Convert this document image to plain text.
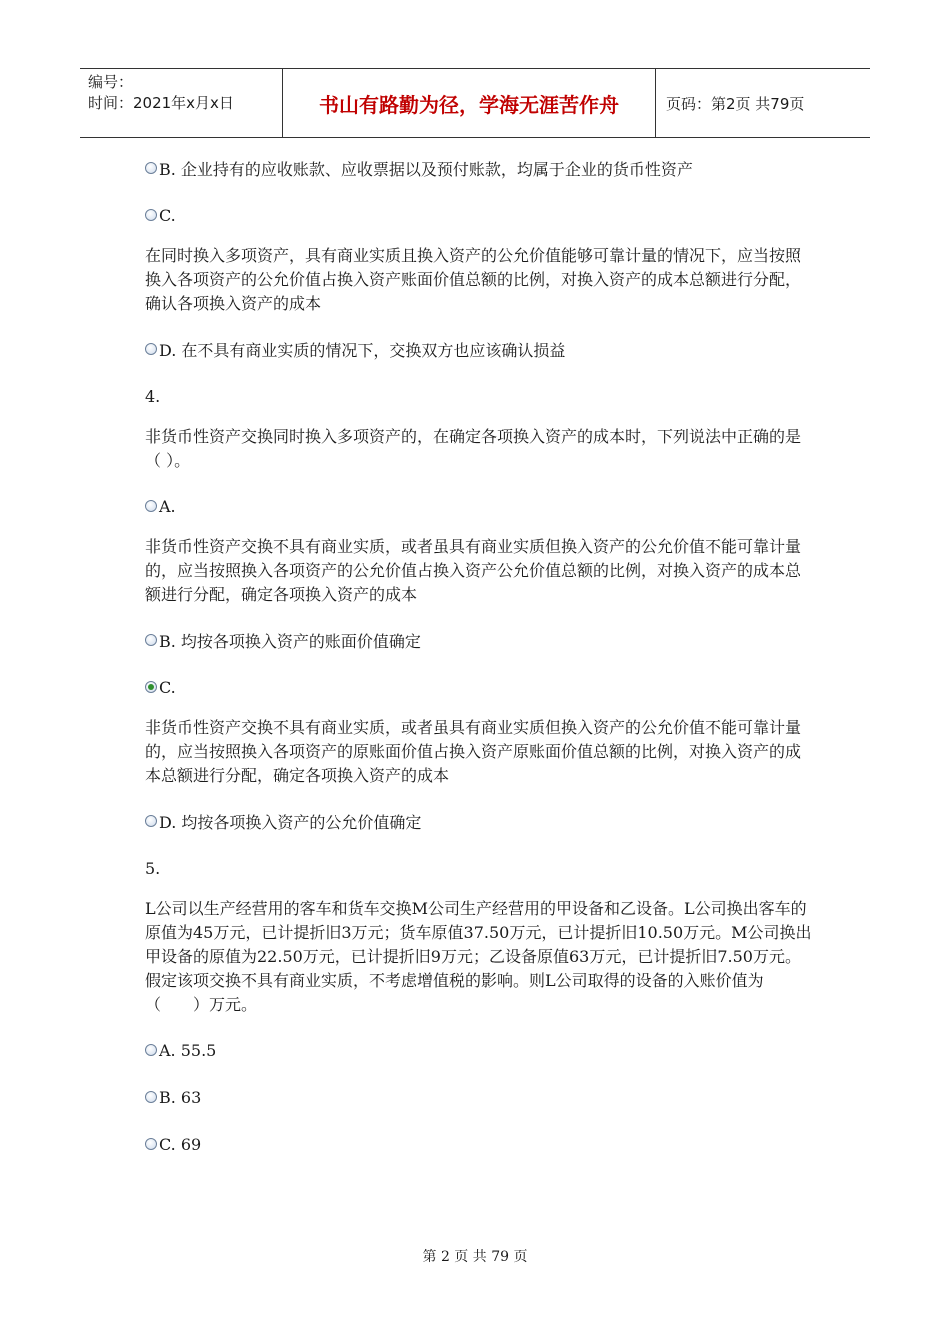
编号：
时间：2021年x月x日	书山有路勤为径，学海无涯苦作舟	页码：第2页 共79页
B. 企业持有的应收账款、应收票据以及预付账款，均属于企业的货币性资产
C.
在同时换入多项资产，具有商业实质且换入资产的公允价值能够可靠计量的情况下，应当按照换入各项资产的公允价值占换入资产账面价值总额的比例，对换入资产的成本总额进行分配，确认各项换入资产的成本
D. 在不具有商业实质的情况下，交换双方也应该确认损益
4.
非货币性资产交换同时换入多项资产的，在确定各项换入资产的成本时，下列说法中正确的是（ ）。
A.
非货币性资产交换不具有商业实质，或者虽具有商业实质但换入资产的公允价值不能可靠计量的，应当按照换入各项资产的公允价值占换入资产公允价值总额的比例，对换入资产的成本总额进行分配，确定各项换入资产的成本
B. 均按各项换入资产的账面价值确定
C.
非货币性资产交换不具有商业实质，或者虽具有商业实质但换入资产的公允价值不能可靠计量的，应当按照换入各项资产的原账面价值占换入资产原账面价值总额的比例，对换入资产的成本总额进行分配，确定各项换入资产的成本
D. 均按各项换入资产的公允价值确定
5.
L公司以生产经营用的客车和货车交换M公司生产经营用的甲设备和乙设备。L公司换出客车的原值为45万元，已计提折旧3万元；货车原值37.50万元，已计提折旧10.50万元。M公司换出甲设备的原值为22.50万元，已计提折旧9万元；乙设备原值63万元，已计提折旧7.50万元。假定该项交换不具有商业实质，不考虑增值税的影响。则L公司取得的设备的入账价值为（　　）万元。
A. 55.5
B. 63
C. 69
第 2 页 共 79 页
